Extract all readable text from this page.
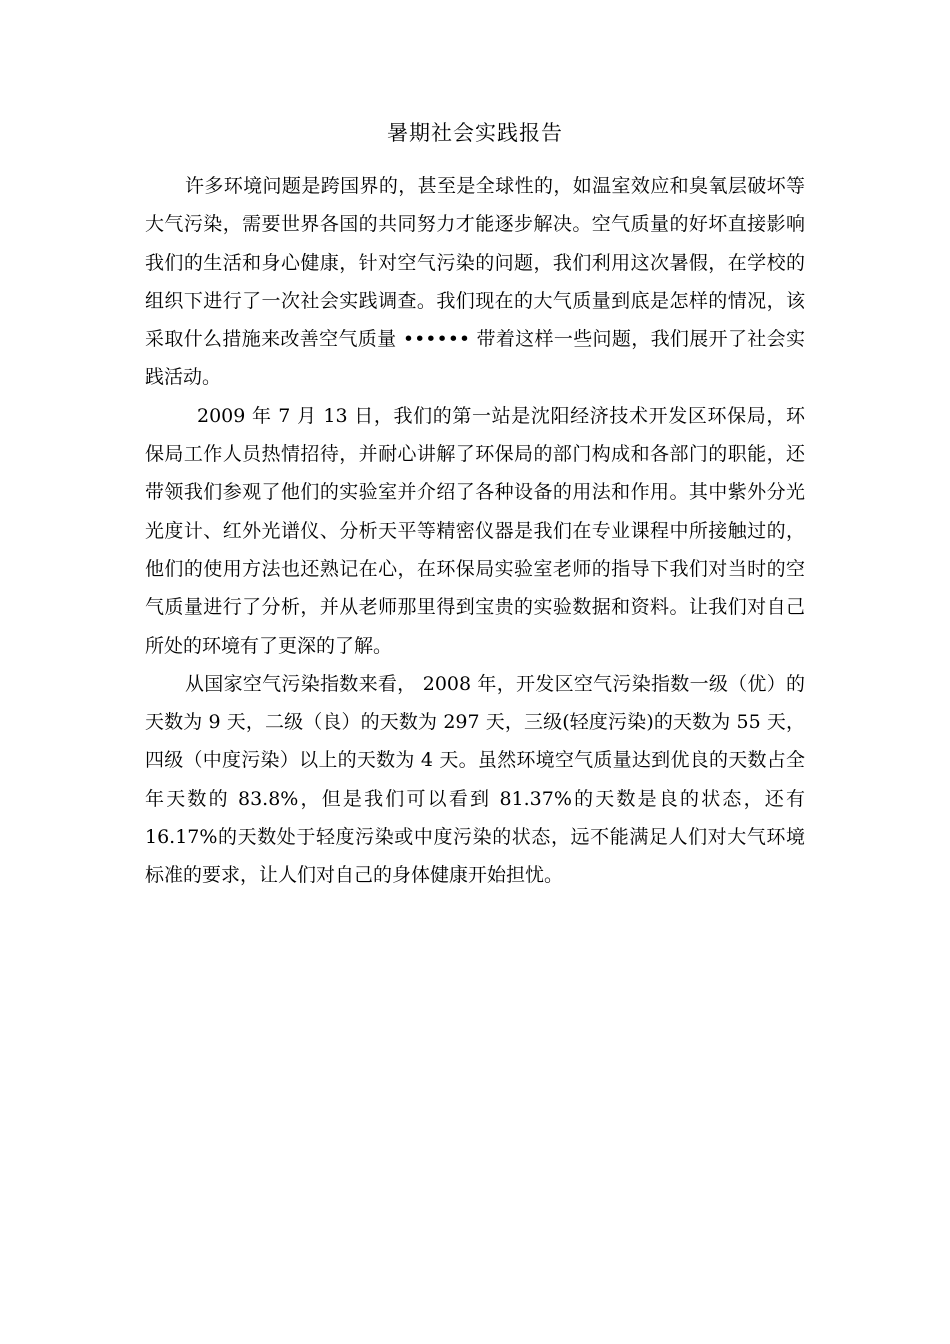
暑期社会实践报告

许多环境问题是跨国界的，甚至是全球性的，如温室效应和臭氧层破坏等大气污染，需要世界各国的共同努力才能逐步解决。空气质量的好坏直接影响我们的生活和身心健康，针对空气污染的问题，我们利用这次暑假，在学校的组织下进行了一次社会实践调查。我们现在的大气质量到底是怎样的情况，该采取什么措施来改善空气质量 •••••• 带着这样一些问题，我们展开了社会实践活动。

2009 年 7 月 13 日，我们的第一站是沈阳经济技术开发区环保局，环保局工作人员热情招待，并耐心讲解了环保局的部门构成和各部门的职能，还带领我们参观了他们的实验室并介绍了各种设备的用法和作用。其中紫外分光光度计、红外光谱仪、分析天平等精密仪器是我们在专业课程中所接触过的，他们的使用方法也还熟记在心，在环保局实验室老师的指导下我们对当时的空气质量进行了分析，并从老师那里得到宝贵的实验数据和资料。让我们对自己所处的环境有了更深的了解。

从国家空气污染指数来看， 2008 年，开发区空气污染指数一级（优）的天数为 9 天，二级（良）的天数为 297 天，三级(轻度污染)的天数为 55 天，四级（中度污染）以上的天数为 4 天。虽然环境空气质量达到优良的天数占全年天数的 83.8%，但是我们可以看到 81.37%的天数是良的状态，还有 16.17%的天数处于轻度污染或中度污染的状态，远不能满足人们对大气环境标准的要求，让人们对自己的身体健康开始担忧。
